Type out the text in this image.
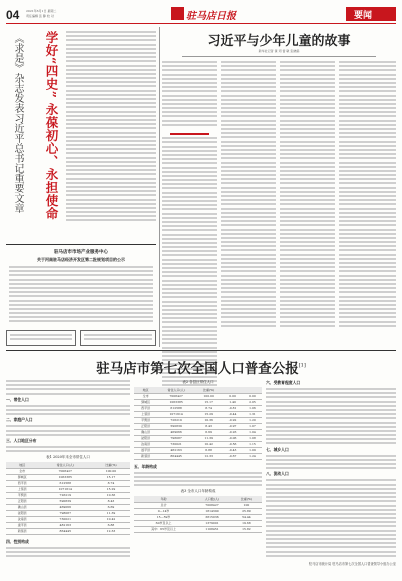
04 2021年6月1日 星期二
责任编辑 张 静 校 对	驻马店日报	要闻
学好“四史” 永葆初心、永担使命
《求是》杂志发表习近平总书记重要文章
驻马店市市场产业服务中心
关于河南驻马店经济开发区第二批规划项目的公示
习近平与少年儿童的故事
新华社记者 黄 玥 雷 敏 张晓娟
驻马店市第七次全国人口普查公报[1]
一、常住人口
二、家庭户人口
三、人口地区分布
表1 2020年末全市常住人口
地区	常住人口(人)	比重(%)
全市	7008427	100.00
驿城区	1063385	15.17
西平县	612588	8.74
上蔡县	1071614	15.29
平舆县	726219	10.36
正阳县	590839	8.43
确山县	469066	6.69
泌阳县	798087	11.39
汝南县	730021	10.42
遂平县	482163	6.88
新蔡县	864445	12.33
四、性别构成
表2 各县区常住人口
地区	常住人口(人)	比重(%)		
全市	7008427	100.00	0.00	0.00
驿城区	1063385	15.17	1.40	2.05
西平县	612588	8.74	-0.81	1.06
上蔡县	1071614	15.29	-0.44	1.31
平舆县	726219	10.36	-0.92	1.20
正阳县	590839	8.43	-0.97	1.07
确山县	469066	6.69	-0.26	1.04
泌阳县	798087	11.39	-0.06	1.08
汝南县	730021	10.42	-0.56	1.15
遂平县	482163	6.88	-0.43	1.09
新蔡县	864445	12.33	-0.67	1.24
五、年龄构成
表3 全市人口年龄构成
年龄	人口数(人)	比重(%)
总计	7008427	100
0—14岁	1814390	25.89
15—59岁	3815036	54.44
60岁及以上	1379001	19.68
其中：65岁及以上	1108451	15.82
六、受教育程度人口
七、城乡人口
八、流动人口
驻马店市统计局 驻马店市第七次全国人口普查领导小组办公室
